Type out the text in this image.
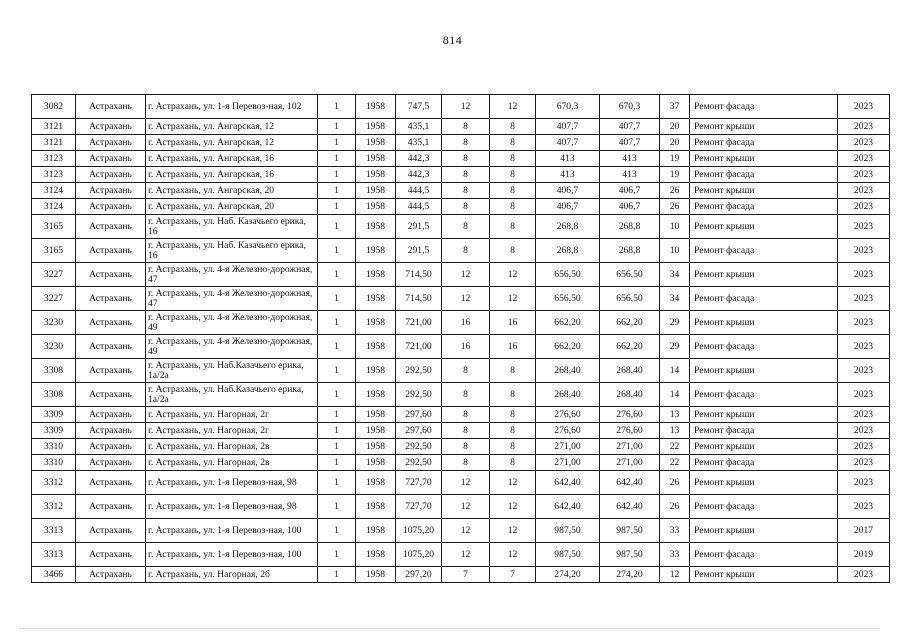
814
3082	Астрахань	г. Астрахань, ул. 1-я Перевоз-ная, 102	1	1958	747,5	12	12	670,3	670,3	37	Ремонт фасада	2023
3121	Астрахань	г. Астрахань, ул. Ангарская, 12	1	1958	435,1	8	8	407,7	407,7	20	Ремонт крыши	2023
3121	Астрахань	г. Астрахань, ул. Ангарская, 12	1	1958	435,1	8	8	407,7	407,7	20	Ремонт фасада	2023
3123	Астрахань	г. Астрахань, ул. Ангарская, 16	1	1958	442,3	8	8	413	413	19	Ремонт крыши	2023
3123	Астрахань	г. Астрахань, ул. Ангарская, 16	1	1958	442,3	8	8	413	413	19	Ремонт фасада	2023
3124	Астрахань	г. Астрахань, ул. Ангарская, 20	1	1958	444,5	8	8	406,7	406,7	26	Ремонт крыши	2023
3124	Астрахань	г. Астрахань, ул. Ангарская, 20	1	1958	444,5	8	8	406,7	406,7	26	Ремонт фасада	2023
3165	Астрахань	г. Астрахань, ул. Наб. Казачьего ерика, 16	1	1958	291,5	8	8	268,8	268,8	10	Ремонт крыши	2023
3165	Астрахань	г. Астрахань, ул. Наб. Казачьего ерика, 16	1	1958	291,5	8	8	268,8	268,8	10	Ремонт фасада	2023
3227	Астрахань	г. Астрахань, ул. 4-я Железно-дорожная, 47	1	1958	714,50	12	12	656,50	656,50	34	Ремонт крыши	2023
3227	Астрахань	г. Астрахань, ул. 4-я Железно-дорожная, 47	1	1958	714,50	12	12	656,50	656,50	34	Ремонт фасада	2023
3230	Астрахань	г. Астрахань, ул. 4-я Железно-дорожная, 49	1	1958	721,00	16	16	662,20	662,20	29	Ремонт крыши	2023
3230	Астрахань	г. Астрахань, ул. 4-я Железно-дорожная, 49	1	1958	721,00	16	16	662,20	662,20	29	Ремонт фасада	2023
3308	Астрахань	г. Астрахань, ул. Наб.Казачьего ерика, 1а/2а	1	1958	292,50	8	8	268,40	268,40	14	Ремонт крыши	2023
3308	Астрахань	г. Астрахань, ул. Наб.Казачьего ерика, 1а/2а	1	1958	292,50	8	8	268,40	268,40	14	Ремонт фасада	2023
3309	Астрахань	г. Астрахань, ул. Нагорная, 2г	1	1958	297,60	8	8	276,60	276,60	13	Ремонт крыши	2023
3309	Астрахань	г. Астрахань, ул. Нагорная, 2г	1	1958	297,60	8	8	276,60	276,60	13	Ремонт фасада	2023
3310	Астрахань	г. Астрахань, ул. Нагорная, 2в	1	1958	292,50	8	8	271,00	271,00	22	Ремонт крыши	2023
3310	Астрахань	г. Астрахань, ул. Нагорная, 2в	1	1958	292,50	8	8	271,00	271,00	22	Ремонт фасада	2023
3312	Астрахань	г. Астрахань, ул. 1-я Перевоз-ная, 98	1	1958	727,70	12	12	642,40	642,40	26	Ремонт крыши	2023
3312	Астрахань	г. Астрахань, ул. 1-я Перевоз-ная, 98	1	1958	727,70	12	12	642,40	642,40	26	Ремонт фасада	2023
3313	Астрахань	г. Астрахань, ул. 1-я Перевоз-ная, 100	1	1958	1075,20	12	12	987,50	987,50	33	Ремонт крыши	2017
3313	Астрахань	г. Астрахань, ул. 1-я Перевоз-ная, 100	1	1958	1075,20	12	12	987,50	987,50	33	Ремонт фасада	2019
3466	Астрахань	г. Астрахань, ул. Нагорная, 2б	1	1958	297,20	7	7	274,20	274,20	12	Ремонт крыши	2023
